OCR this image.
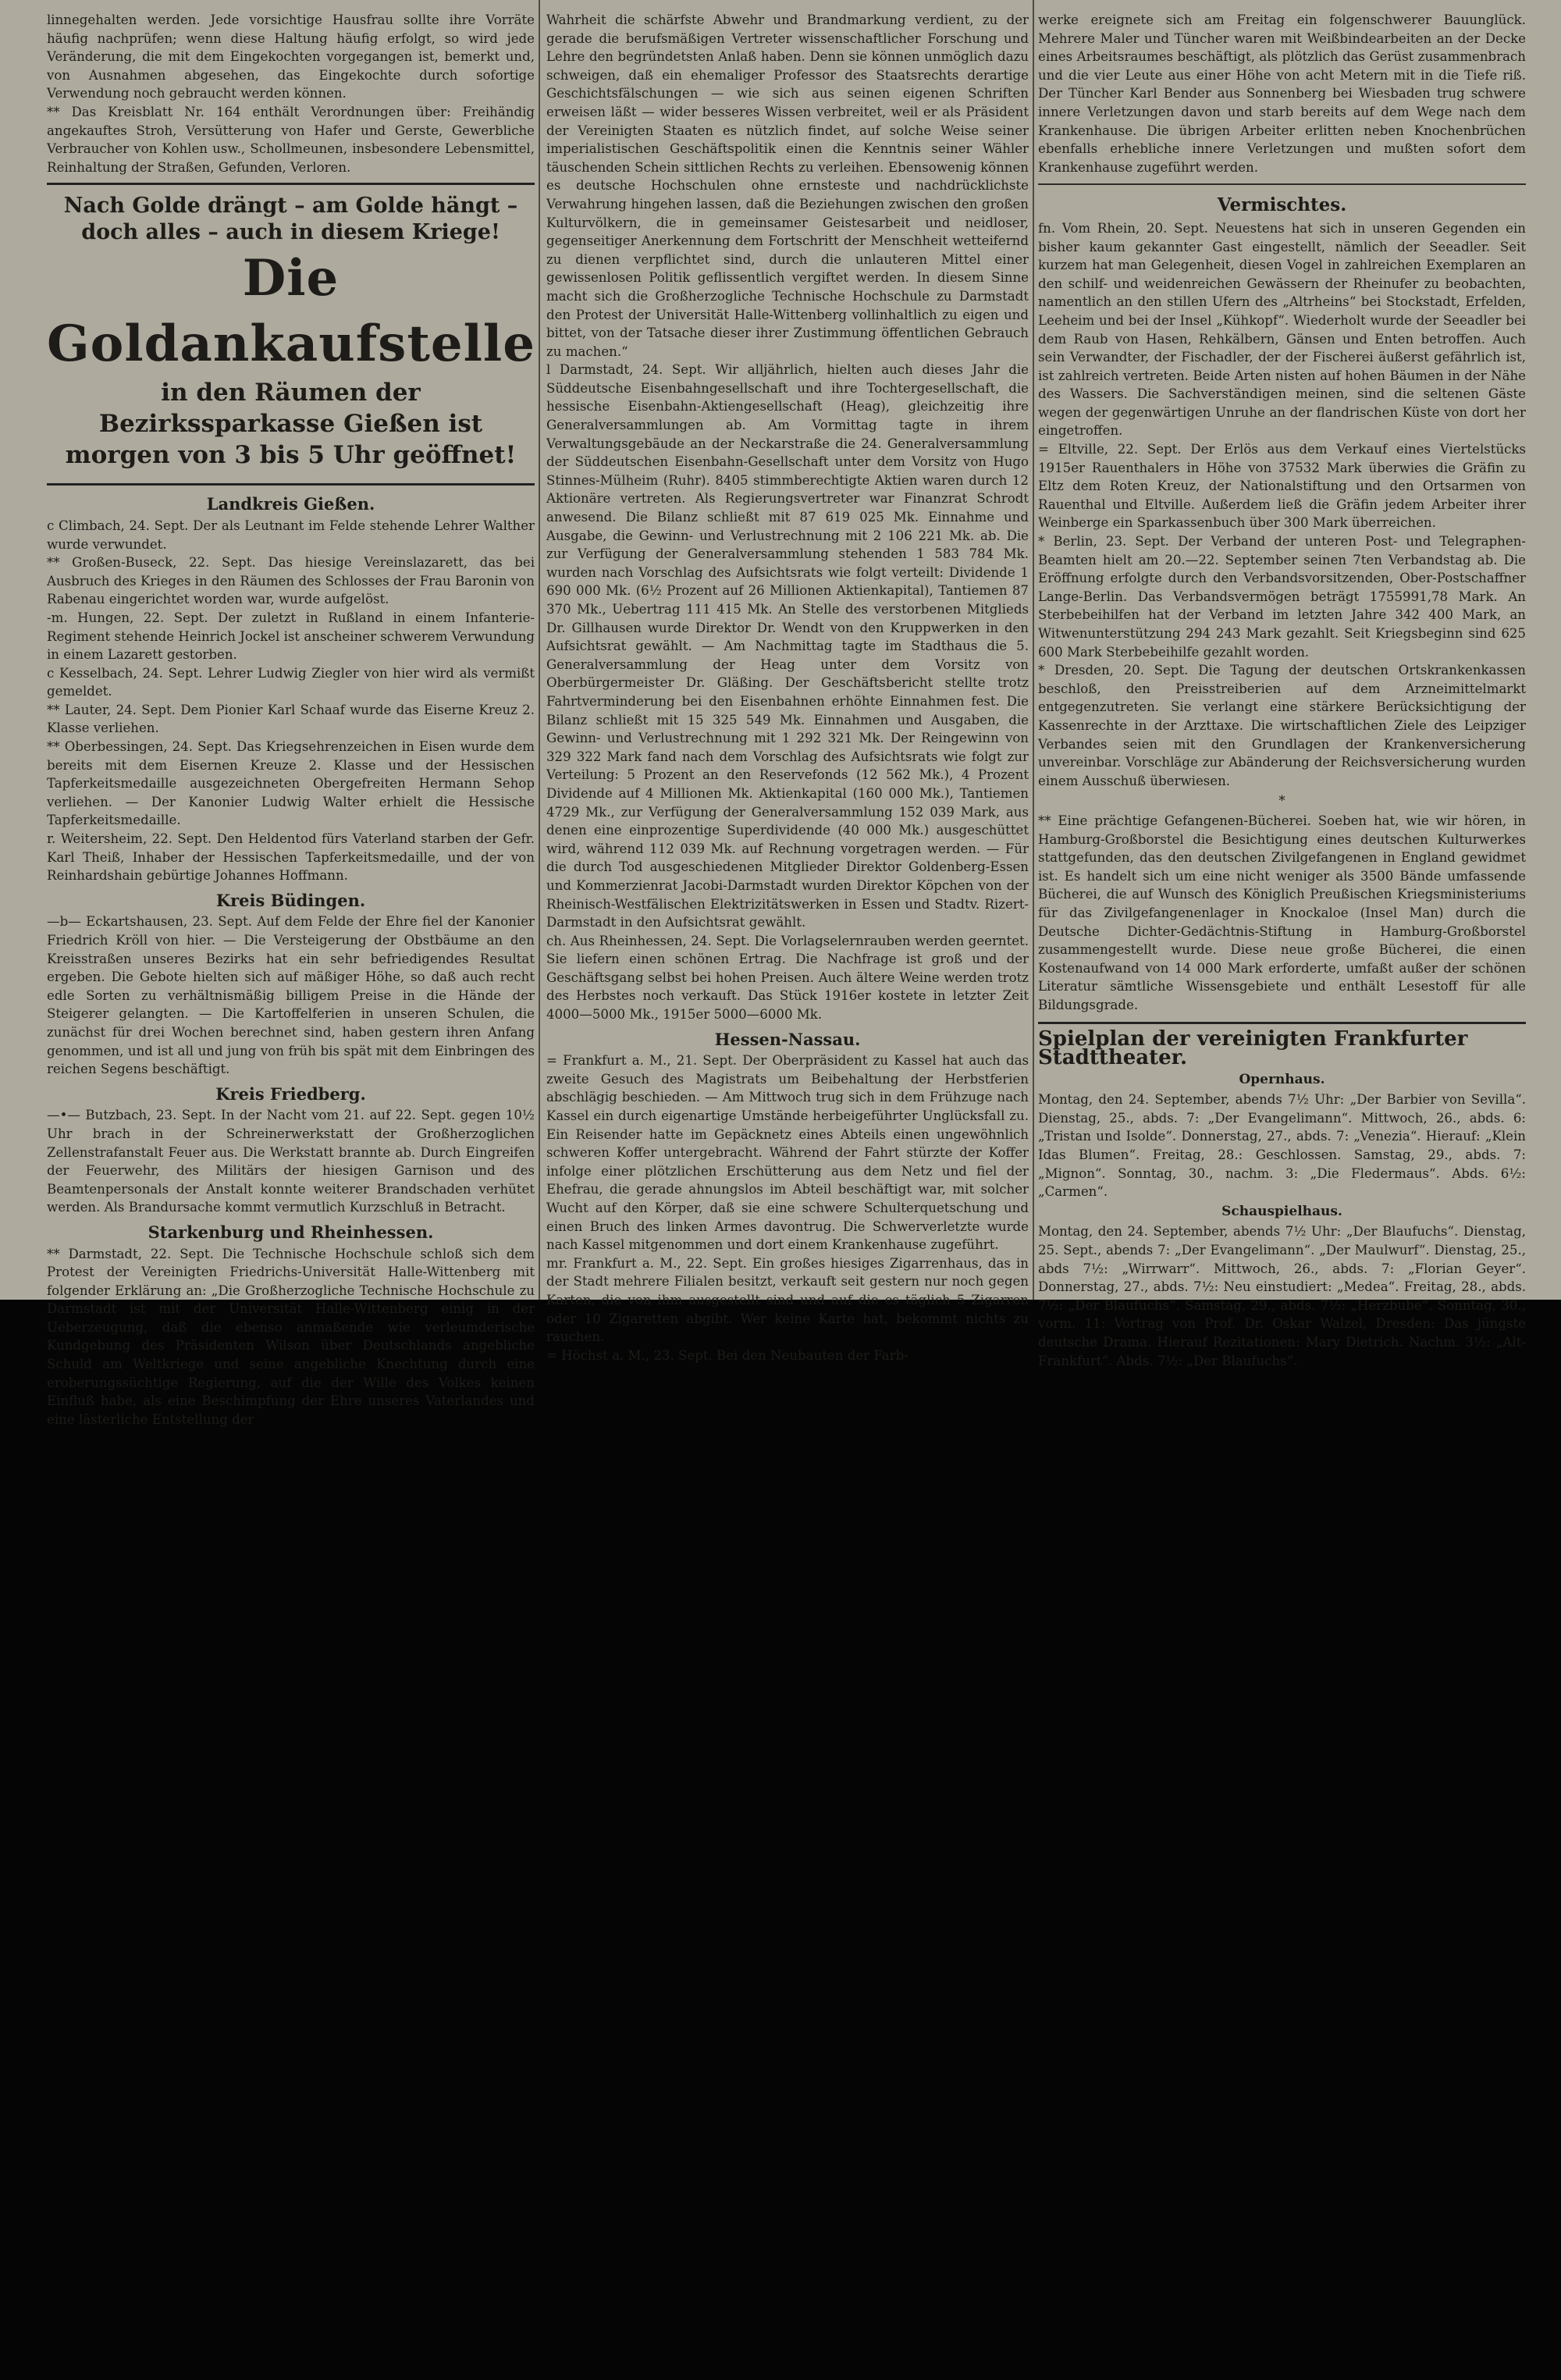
linnegehalten werden. Jede vorsichtige Hausfrau sollte ihre Vorräte häufig nachprüfen; wenn diese Haltung häufig erfolgt, so wird jede Veränderung, die mit dem Eingekochten vorgegangen ist, bemerkt und, von Ausnahmen abgesehen, das Eingekochte durch sofortige Verwendung noch gebraucht werden können.

** Das Kreisblatt Nr. 164 enthält Verordnungen über: Freihändig angekauftes Stroh, Versütterung von Hafer und Gerste, Gewerbliche Verbraucher von Kohlen usw., Schollmeunen, insbesondere Lebensmittel, Reinhaltung der Straßen, Gefunden, Verloren.

Nach Golde drängt – am Golde hängt – doch alles – auch in diesem Kriege!
Die Goldankaufstelle
in den Räumen der Bezirkssparkasse Gießen ist morgen von 3 bis 5 Uhr geöffnet!
Landkreis Gießen.

c Climbach, 24. Sept. Der als Leutnant im Felde stehende Lehrer Walther wurde verwundet.

** Großen-Buseck, 22. Sept. Das hiesige Vereinslazarett, das bei Ausbruch des Krieges in den Räumen des Schlosses der Frau Baronin von Rabenau eingerichtet worden war, wurde aufgelöst.

-m. Hungen, 22. Sept. Der zuletzt in Rußland in einem Infanterie-Regiment stehende Heinrich Jockel ist anscheiner schwerem Verwundung in einem Lazarett gestorben.

c Kesselbach, 24. Sept. Lehrer Ludwig Ziegler von hier wird als vermißt gemeldet.

** Lauter, 24. Sept. Dem Pionier Karl Schaaf wurde das Eiserne Kreuz 2. Klasse verliehen.

** Oberbessingen, 24. Sept. Das Kriegsehrenzeichen in Eisen wurde dem bereits mit dem Eisernen Kreuze 2. Klasse und der Hessischen Tapferkeitsmedaille ausgezeichneten Obergefreiten Hermann Sehop verliehen. — Der Kanonier Ludwig Walter erhielt die Hessische Tapferkeitsmedaille.

r. Weitersheim, 22. Sept. Den Heldentod fürs Vaterland starben der Gefr. Karl Theiß, Inhaber der Hessischen Tapferkeitsmedaille, und der von Reinhardshain gebürtige Johannes Hoffmann.

Kreis Büdingen.

—b— Eckartshausen, 23. Sept. Auf dem Felde der Ehre fiel der Kanonier Friedrich Kröll von hier. — Die Versteigerung der Obstbäume an den Kreisstraßen unseres Bezirks hat ein sehr befriedigendes Resultat ergeben. Die Gebote hielten sich auf mäßiger Höhe, so daß auch recht edle Sorten zu verhältnismäßig billigem Preise in die Hände der Steigerer gelangten. — Die Kartoffelferien in unseren Schulen, die zunächst für drei Wochen berechnet sind, haben gestern ihren Anfang genommen, und ist all und jung von früh bis spät mit dem Einbringen des reichen Segens beschäftigt.

Kreis Friedberg.

—•— Butzbach, 23. Sept. In der Nacht vom 21. auf 22. Sept. gegen 10½ Uhr brach in der Schreinerwerkstatt der Großherzoglichen Zellenstrafanstalt Feuer aus. Die Werkstatt brannte ab. Durch Eingreifen der Feuerwehr, des Militärs der hiesigen Garnison und des Beamtenpersonals der Anstalt konnte weiterer Brandschaden verhütet werden. Als Brandursache kommt vermutlich Kurzschluß in Betracht.

Starkenburg und Rheinhessen.

** Darmstadt, 22. Sept. Die Technische Hochschule schloß sich dem Protest der Vereinigten Friedrichs-Universität Halle-Wittenberg mit folgender Erklärung an: „Die Großherzogliche Technische Hochschule zu Darmstadt ist mit der Universität Halle-Wittenberg einig in der Ueberzeugung, daß die ebenso anmaßende wie verleumderische Kundgebung des Präsidenten Wilson über Deutschlands angebliche Schuld am Weltkriege und seine angebliche Knechtung durch eine eroberungssüchtige Regierung, auf die der Wille des Volkes keinen Einfluß habe, als eine Beschimpfung der Ehre unseres Vaterlandes und eine lästerliche Entstellung der

Wahrheit die schärfste Abwehr und Brandmarkung verdient, zu der gerade die berufsmäßigen Vertreter wissenschaftlicher Forschung und Lehre den begründetsten Anlaß haben. Denn sie können unmöglich dazu schweigen, daß ein ehemaliger Professor des Staatsrechts derartige Geschichtsfälschungen — wie sich aus seinen eigenen Schriften erweisen läßt — wider besseres Wissen verbreitet, weil er als Präsident der Vereinigten Staaten es nützlich findet, auf solche Weise seiner imperialistischen Geschäftspolitik einen die Kenntnis seiner Wähler täuschenden Schein sittlichen Rechts zu verleihen. Ebensowenig können es deutsche Hochschulen ohne ernsteste und nachdrücklichste Verwahrung hingehen lassen, daß die Beziehungen zwischen den großen Kulturvölkern, die in gemeinsamer Geistesarbeit und neidloser, gegenseitiger Anerkennung dem Fortschritt der Menschheit wetteifernd zu dienen verpflichtet sind, durch die unlauteren Mittel einer gewissenlosen Politik geflissentlich vergiftet werden. In diesem Sinne macht sich die Großherzogliche Technische Hochschule zu Darmstadt den Protest der Universität Halle-Wittenberg vollinhaltlich zu eigen und bittet, von der Tatsache dieser ihrer Zustimmung öffentlichen Gebrauch zu machen.“

l Darmstadt, 24. Sept. Wir alljährlich, hielten auch dieses Jahr die Süddeutsche Eisenbahngesellschaft und ihre Tochtergesellschaft, die hessische Eisenbahn-Aktiengesellschaft (Heag), gleichzeitig ihre Generalversammlungen ab. Am Vormittag tagte in ihrem Verwaltungsgebäude an der Neckarstraße die 24. Generalversammlung der Süddeutschen Eisenbahn-Gesellschaft unter dem Vorsitz von Hugo Stinnes-Mülheim (Ruhr). 8405 stimmberechtigte Aktien waren durch 12 Aktionäre vertreten. Als Regierungsvertreter war Finanzrat Schrodt anwesend. Die Bilanz schließt mit 87 619 025 Mk. Einnahme und Ausgabe, die Gewinn- und Verlustrechnung mit 2 106 221 Mk. ab. Die zur Verfügung der Generalversammlung stehenden 1 583 784 Mk. wurden nach Vorschlag des Aufsichtsrats wie folgt verteilt: Dividende 1 690 000 Mk. (6½ Prozent auf 26 Millionen Aktienkapital), Tantiemen 87 370 Mk., Uebertrag 111 415 Mk. An Stelle des verstorbenen Mitglieds Dr. Gillhausen wurde Direktor Dr. Wendt von den Kruppwerken in den Aufsichtsrat gewählt. — Am Nachmittag tagte im Stadthaus die 5. Generalversammlung der Heag unter dem Vorsitz von Oberbürgermeister Dr. Gläßing. Der Geschäftsbericht stellte trotz Fahrtverminderung bei den Eisenbahnen erhöhte Einnahmen fest. Die Bilanz schließt mit 15 325 549 Mk. Einnahmen und Ausgaben, die Gewinn- und Verlustrechnung mit 1 292 321 Mk. Der Reingewinn von 329 322 Mark fand nach dem Vorschlag des Aufsichtsrats wie folgt zur Verteilung: 5 Prozent an den Reservefonds (12 562 Mk.), 4 Prozent Dividende auf 4 Millionen Mk. Aktienkapital (160 000 Mk.), Tantiemen 4729 Mk., zur Verfügung der Generalversammlung 152 039 Mark, aus denen eine einprozentige Superdividende (40 000 Mk.) ausgeschüttet wird, während 112 039 Mk. auf Rechnung vorgetragen werden. — Für die durch Tod ausgeschiedenen Mitglieder Direktor Goldenberg-Essen und Kommerzienrat Jacobi-Darmstadt wurden Direktor Köpchen von der Rheinisch-Westfälischen Elektrizitätswerken in Essen und Stadtv. Rizert-Darmstadt in den Aufsichtsrat gewählt.

ch. Aus Rheinhessen, 24. Sept. Die Vorlagselernrauben werden geerntet. Sie liefern einen schönen Ertrag. Die Nachfrage ist groß und der Geschäftsgang selbst bei hohen Preisen. Auch ältere Weine werden trotz des Herbstes noch verkauft. Das Stück 1916er kostete in letzter Zeit 4000—5000 Mk., 1915er 5000—6000 Mk.

Hessen-Nassau.

= Frankfurt a. M., 21. Sept. Der Oberpräsident zu Kassel hat auch das zweite Gesuch des Magistrats um Beibehaltung der Herbstferien abschlägig beschieden. — Am Mittwoch trug sich in dem Frühzuge nach Kassel ein durch eigenartige Umstände herbeigeführter Unglücksfall zu. Ein Reisender hatte im Gepäcknetz eines Abteils einen ungewöhnlich schweren Koffer untergebracht. Während der Fahrt stürzte der Koffer infolge einer plötzlichen Erschütterung aus dem Netz und fiel der Ehefrau, die gerade ahnungslos im Abteil beschäftigt war, mit solcher Wucht auf den Körper, daß sie eine schwere Schulterquetschung und einen Bruch des linken Armes davontrug. Die Schwerverletzte wurde nach Kassel mitgenommen und dort einem Krankenhause zugeführt.

mr. Frankfurt a. M., 22. Sept. Ein großes hiesiges Zigarrenhaus, das in der Stadt mehrere Filialen besitzt, verkauft seit gestern nur noch gegen Karten, die von ihm ausgestellt sind und auf die es täglich 5 Zigarren oder 10 Zigaretten abgibt. Wer keine Karte hat, bekommt nichts zu rauchen.

= Höchst a. M., 23. Sept. Bei den Neubauten der Farb-

werke ereignete sich am Freitag ein folgenschwerer Bauunglück. Mehrere Maler und Tüncher waren mit Weißbindearbeiten an der Decke eines Arbeitsraumes beschäftigt, als plötzlich das Gerüst zusammenbrach und die vier Leute aus einer Höhe von acht Metern mit in die Tiefe riß. Der Tüncher Karl Bender aus Sonnenberg bei Wiesbaden trug schwere innere Verletzungen davon und starb bereits auf dem Wege nach dem Krankenhause. Die übrigen Arbeiter erlitten neben Knochenbrüchen ebenfalls erhebliche innere Verletzungen und mußten sofort dem Krankenhause zugeführt werden.

Vermischtes.

fn. Vom Rhein, 20. Sept. Neuestens hat sich in unseren Gegenden ein bisher kaum gekannter Gast eingestellt, nämlich der Seeadler. Seit kurzem hat man Gelegenheit, diesen Vogel in zahlreichen Exemplaren an den schilf- und weidenreichen Gewässern der Rheinufer zu beobachten, namentlich an den stillen Ufern des „Altrheins“ bei Stockstadt, Erfelden, Leeheim und bei der Insel „Kühkopf“. Wiederholt wurde der Seeadler bei dem Raub von Hasen, Rehkälbern, Gänsen und Enten betroffen. Auch sein Verwandter, der Fischadler, der der Fischerei äußerst gefährlich ist, ist zahlreich vertreten. Beide Arten nisten auf hohen Bäumen in der Nähe des Wassers. Die Sachverständigen meinen, sind die seltenen Gäste wegen der gegenwärtigen Unruhe an der flandrischen Küste von dort her eingetroffen.

= Eltville, 22. Sept. Der Erlös aus dem Verkauf eines Viertelstücks 1915er Rauenthalers in Höhe von 37532 Mark überwies die Gräfin zu Eltz dem Roten Kreuz, der Nationalstiftung und den Ortsarmen von Rauenthal und Eltville. Außerdem ließ die Gräfin jedem Arbeiter ihrer Weinberge ein Sparkassenbuch über 300 Mark überreichen.

* Berlin, 23. Sept. Der Verband der unteren Post- und Telegraphen-Beamten hielt am 20.—22. September seinen 7ten Verbandstag ab. Die Eröffnung erfolgte durch den Verbandsvorsitzenden, Ober-Postschaffner Lange-Berlin. Das Verbandsvermögen beträgt 1755991,78 Mark. An Sterbebeihilfen hat der Verband im letzten Jahre 342 400 Mark, an Witwenunterstützung 294 243 Mark gezahlt. Seit Kriegsbeginn sind 625 600 Mark Sterbebeihilfe gezahlt worden.

* Dresden, 20. Sept. Die Tagung der deutschen Ortskrankenkassen beschloß, den Preisstreiberien auf dem Arzneimittelmarkt entgegenzutreten. Sie verlangt eine stärkere Berücksichtigung der Kassenrechte in der Arzttaxe. Die wirtschaftlichen Ziele des Leipziger Verbandes seien mit den Grundlagen der Krankenversicherung unvereinbar. Vorschläge zur Abänderung der Reichsversicherung wurden einem Ausschuß überwiesen.

*

** Eine prächtige Gefangenen-Bücherei. Soeben hat, wie wir hören, in Hamburg-Großborstel die Besichtigung eines deutschen Kulturwerkes stattgefunden, das den deutschen Zivilgefangenen in England gewidmet ist. Es handelt sich um eine nicht weniger als 3500 Bände umfassende Bücherei, die auf Wunsch des Königlich Preußischen Kriegsministeriums für das Zivilgefangenenlager in Knockaloe (Insel Man) durch die Deutsche Dichter-Gedächtnis-Stiftung in Hamburg-Großborstel zusammengestellt wurde. Diese neue große Bücherei, die einen Kostenaufwand von 14 000 Mark erforderte, umfaßt außer der schönen Literatur sämtliche Wissensgebiete und enthält Lesestoff für alle Bildungsgrade.

Spielplan der vereinigten Frankfurter Stadttheater.
Opernhaus.

Montag, den 24. September, abends 7½ Uhr: „Der Barbier von Sevilla“. Dienstag, 25., abds. 7: „Der Evangelimann“. Mittwoch, 26., abds. 6: „Tristan und Isolde“. Donnerstag, 27., abds. 7: „Venezia“. Hierauf: „Klein Idas Blumen“. Freitag, 28.: Geschlossen. Samstag, 29., abds. 7: „Mignon“. Sonntag, 30., nachm. 3: „Die Fledermaus“. Abds. 6½: „Carmen“.

Schauspielhaus.

Montag, den 24. September, abends 7½ Uhr: „Der Blaufuchs“. Dienstag, 25. Sept., abends 7: „Der Evangelimann“. „Der Maulwurf“. Dienstag, 25., abds 7½: „Wirrwarr“. Mittwoch, 26., abds. 7: „Florian Geyer“. Donnerstag, 27., abds. 7½: Neu einstudiert: „Medea“. Freitag, 28., abds. 7½: „Der Blaufuchs“. Samstag, 29., abds. 7½: „Herzbube“. Sonntag, 30., vorm. 11: Vortrag von Prof. Dr. Oskar Walzel, Dresden: Das jüngste deutsche Drama. Hierauf Rezitationen: Mary Dietrich. Nachm. 3½: „Alt-Frankfurt“. Abds. 7½: „Der Blaufuchs“.
